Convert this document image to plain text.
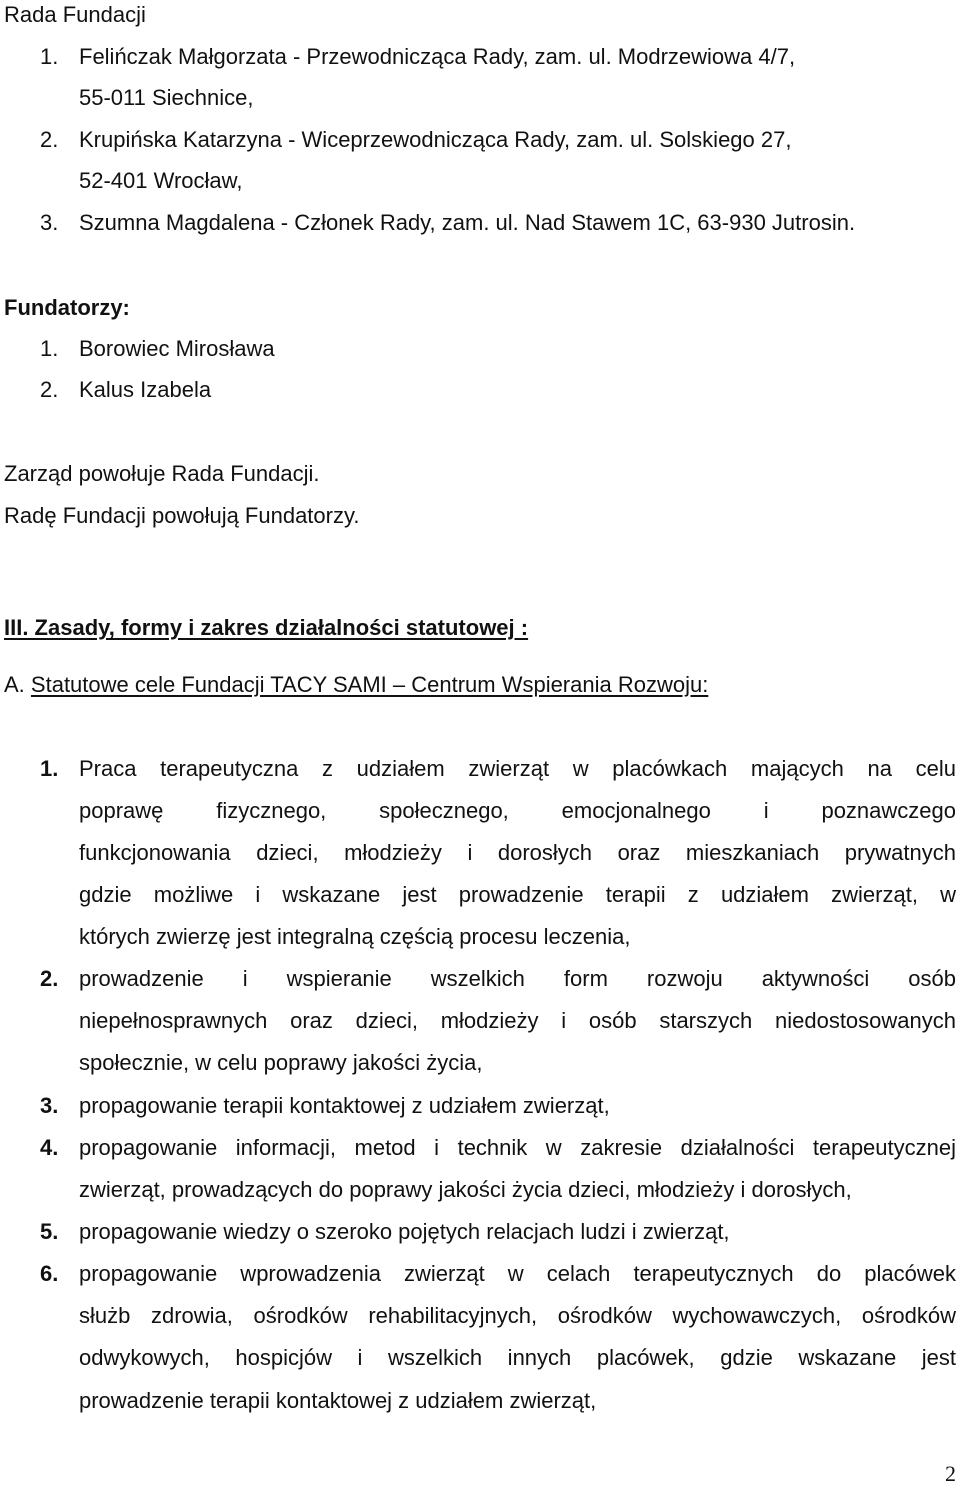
Rada Fundacji
1. Felińczak Małgorzata - Przewodnicząca Rady, zam. ul. Modrzewiowa 4/7,
55-011 Siechnice,
2. Krupińska Katarzyna - Wiceprzewodnicząca Rady, zam. ul. Solskiego 27,
52-401 Wrocław,
3. Szumna Magdalena - Członek Rady, zam. ul. Nad Stawem 1C, 63-930 Jutrosin.
Fundatorzy:
1. Borowiec Mirosława
2. Kalus Izabela
Zarząd powołuje Rada Fundacji.
Radę Fundacji powołują Fundatorzy.
III. Zasady, formy i zakres działalności statutowej :
A. Statutowe cele Fundacji TACY SAMI – Centrum Wspierania Rozwoju:
1. Praca terapeutyczna z udziałem zwierząt w placówkach mających na celu
poprawę fizycznego, społecznego, emocjonalnego i poznawczego
funkcjonowania dzieci, młodzieży i dorosłych oraz mieszkaniach prywatnych
gdzie możliwe i wskazane jest prowadzenie terapii z udziałem zwierząt, w
których zwierzę jest integralną częścią procesu leczenia,
2. prowadzenie i wspieranie wszelkich form rozwoju aktywności osób
niepełnosprawnych oraz dzieci, młodzieży i osób starszych niedostosowanych
społecznie, w celu poprawy jakości życia,
3. propagowanie terapii kontaktowej z udziałem zwierząt,
4. propagowanie informacji, metod i technik w zakresie działalności terapeutycznej
zwierząt, prowadzących do poprawy jakości życia dzieci, młodzieży i dorosłych,
5. propagowanie wiedzy o szeroko pojętych relacjach ludzi i zwierząt,
6. propagowanie wprowadzenia zwierząt w celach terapeutycznych do placówek
służb zdrowia, ośrodków rehabilitacyjnych, ośrodków wychowawczych, ośrodków
odwykowych, hospicjów i wszelkich innych placówek, gdzie wskazane jest
prowadzenie terapii kontaktowej z udziałem zwierząt,
2
